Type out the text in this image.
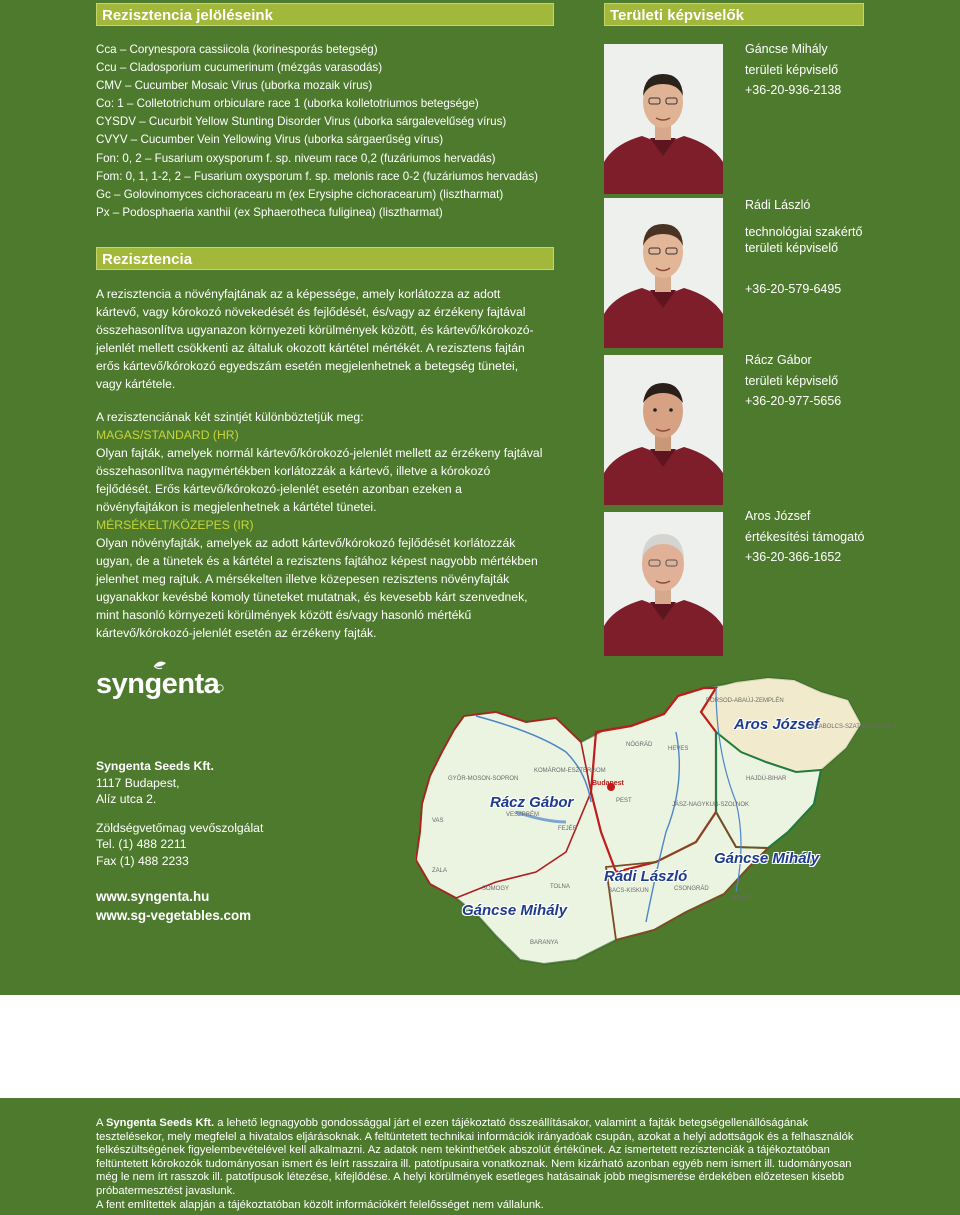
Rezisztencia jelöléseink	Területi képviselők
Rezisztencia
Cca – Corynespora cassiicola (korinesporás betegség)
Ccu – Cladosporium cucumerinum (mézgás varasodás)
CMV – Cucumber Mosaic Virus (uborka mozaik vírus)
Co: 1 – Colletotrichum orbiculare race 1 (uborka kolletotriumos betegsége)
CYSDV – Cucurbit Yellow Stunting Disorder Virus (uborka sárgalevelűség vírus)
CVYV – Cucumber Vein Yellowing Virus (uborka sárgaerűség vírus)
Fon: 0, 2 – Fusarium oxysporum f. sp. niveum race 0,2 (fuzáriumos hervadás)
Fom: 0, 1, 1-2, 2 – Fusarium oxysporum f. sp. melonis race 0-2 (fuzáriumos hervadás)
Gc – Golovinomyces cichoracearu m (ex Erysiphe cichoracearum) (lisztharmat)
Px – Podosphaeria xanthii (ex Sphaerotheca fuliginea) (lisztharmat)
A rezisztencia a növényfajtának az a képessége, amely korlátozza az adott kártevő, vagy kórokozó növekedését és fejlődését, és/vagy az érzékeny fajtával összehasonlítva ugyanazon környezeti körülmények között, és kártevő/kórokozó-jelenlét mellett csökkenti az általuk okozott kártétel mértékét. A rezisztens fajtán erős kártevő/kórokozó egyedszám esetén megjelenhetnek a betegség tünetei, vagy kártétele.
A rezisztenciának két szintjét különböztetjük meg:
MAGAS/STANDARD (HR)
Olyan fajták, amelyek normál kártevő/kórokozó-jelenlét mellett az érzékeny fajtával összehasonlítva nagymértékben korlátozzák a kártevő, illetve a kórokozó fejlődését. Erős kártevő/kórokozó-jelenlét esetén azonban ezeken a növényfajtákon is megjelenhetnek a kártétel tünetei.
MÉRSÉKELT/KÖZEPES (IR)
Olyan növényfajták, amelyek az adott kártevő/kórokozó fejlődését korlátozzák ugyan, de a tünetek és a kártétel a rezisztens fajtához képest nagyobb mértékben jelenhet meg rajtuk. A mérsékelten illetve közepesen rezisztens növényfajták ugyanakkor kevésbé komoly tüneteket mutatnak, és kevesebb kárt szenvednek, mint hasonló környezeti körülmények között és/vagy hasonló mértékű kártevő/kórokozó-jelenlét esetén az érzékeny fajták.
Gáncse Mihály
területi képviselő
+36-20-936-2138
Rádi László
technológiai szakértő
területi képviselő
+36-20-579-6495
Rácz Gábor
területi képviselő
+36-20-977-5656
Aros József
értékesítési támogató
+36-20-366-1652
syngenta
Syngenta Seeds Kft.
1117 Budapest,
Alíz utca 2.
Zöldségvetőmag vevőszolgálat
Tel. (1) 488 2211
Fax (1) 488 2233
www.syngenta.hu
www.sg-vegetables.com
Aros József
Rácz Gábor
Gáncse Mihály
Rádi László
Gáncse Mihály
Budapest
BORSOD-ABAÚJ-ZEMPLÉN
SZABOLCS-SZATMÁR-BEREG
NÓGRÁD
HEVES
HAJDÚ-BIHAR
JÁSZ-NAGYKUN-SZOLNOK
PEST
KOMÁROM-ESZTERGOM
GYŐR-MOSON-SOPRON
VESZPRÉM
FEJÉR
VAS
ZALA
SOMOGY	TOLNA
BACS-KISKUN	CSONGRÁD
BÉKÉS
BARANYA
A Syngenta Seeds Kft. a lehető legnagyobb gondossággal járt el ezen tájékoztató összeállításakor, valamint a fajták betegségellenállóságának tesztelésekor, mely megfelel a hivatalos eljárásoknak. A feltüntetett technikai információk irányadóak csupán, azokat a helyi adottságok és a felhasználók felkészültségének figyelembevételével kell alkalmazni. Az adatok nem tekinthetőek abszolút értékűnek. Az ismertetett rezisztenciák a tájékoztatóban feltüntetett kórokozók tudományosan ismert és leírt rasszaira ill. patotípusaira vonatkoznak. Nem kizárható azonban egyéb nem ismert ill. tudományosan még le nem írt rasszok ill. patotípusok létezése, kifejlődése. A helyi körülmények esetleges hatásainak jobb megismerése érdekében előzetesen kisebb próbatermesztést javaslunk.
A fent említettek alapján a tájékoztatóban közölt információkért felelősséget nem vállalunk.
